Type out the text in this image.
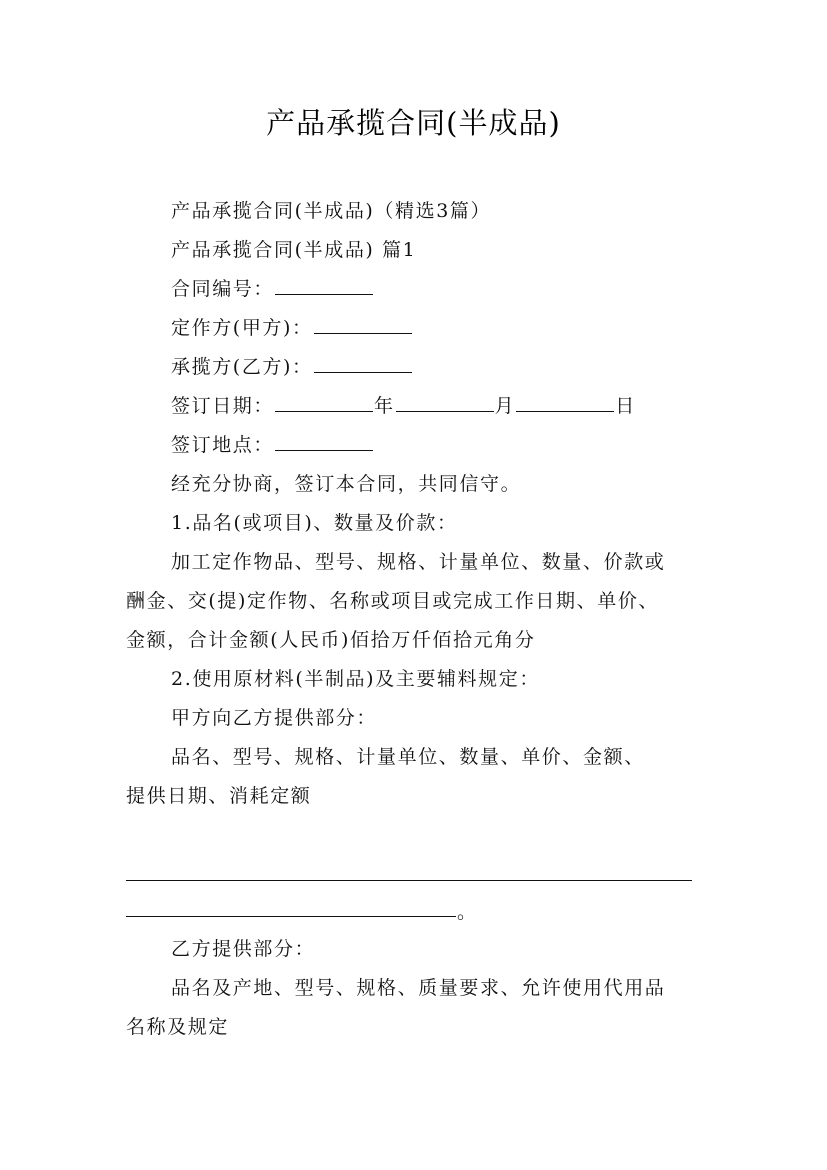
产品承揽合同(半成品)
产品承揽合同(半成品)（精选3篇）
产品承揽合同(半成品) 篇1
合同编号：
定作方(甲方)：
承揽方(乙方)：
签订日期：	年	月	日
签订地点：
经充分协商，签订本合同，共同信守。
1.品名(或项目)、数量及价款：
加工定作物品、型号、规格、计量单位、数量、价款或
酬金、交(提)定作物、名称或项目或完成工作日期、单价、
金额，合计金额(人民币)佰拾万仟佰拾元角分
2.使用原材料(半制品)及主要辅料规定：
甲方向乙方提供部分：
品名、型号、规格、计量单位、数量、单价、金额、
提供日期、消耗定额
。
乙方提供部分：
品名及产地、型号、规格、质量要求、允许使用代用品
名称及规定
